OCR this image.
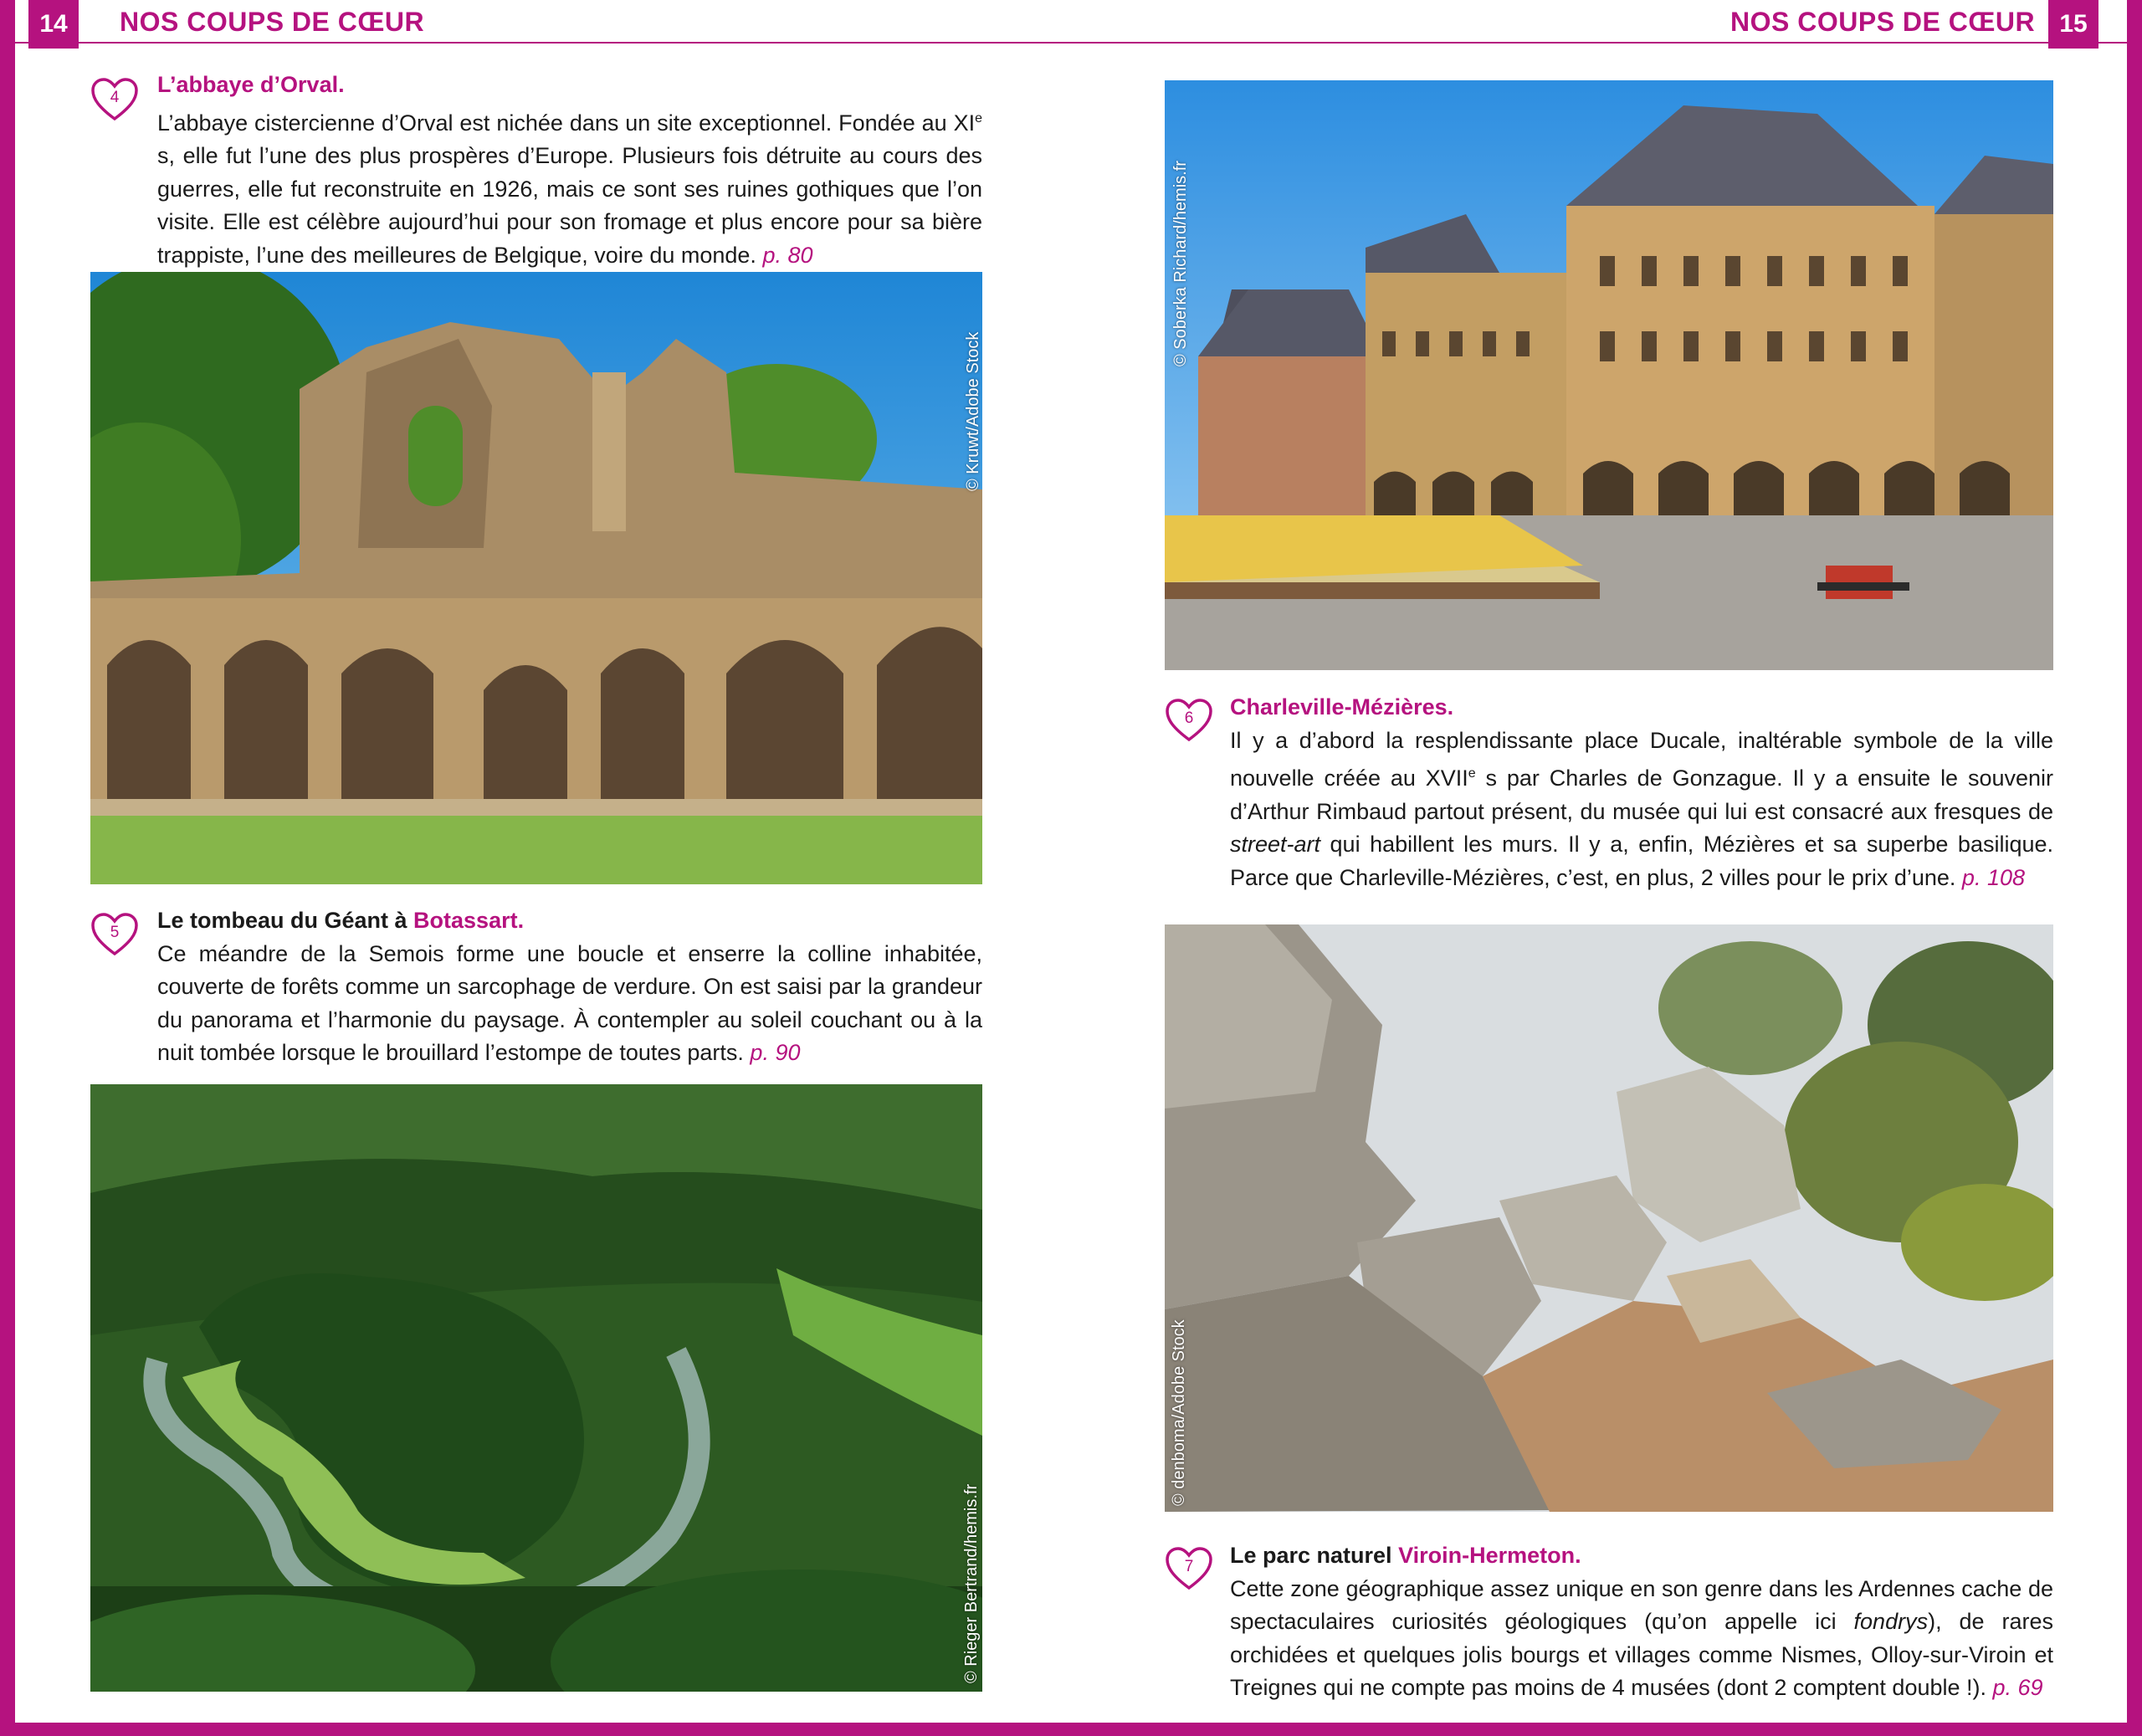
14	NOS COUPS DE CŒUR	NOS COUPS DE CŒUR 15
4
L’abbaye d’Orval.
L’abbaye cistercienne d’Orval est nichée dans un site exceptionnel. Fondée au XIe s, elle fut l’une des plus prospères d’Europe. Plusieurs fois détruite au cours des guerres, elle fut reconstruite en 1926, mais ce sont ses ruines gothiques que l’on visite. Elle est célèbre aujourd’hui pour son fromage et plus encore pour sa bière trappiste, l’une des meilleures de Belgique, voire du monde. p. 80
© Kruwt/Adobe Stock
5 Le tombeau du Géant à Botassart.
Ce méandre de la Semois forme une boucle et enserre la colline inhabitée, couverte de forêts comme un sarcophage de verdure. On est saisi par la grandeur du panorama et l’harmonie du paysage. À contempler au soleil couchant ou à la nuit tombée lorsque le brouillard l’estompe de toutes parts. p. 90
© Rieger Bertrand/hemis.fr
© Soberka Richard/hemis.fr
6 Charleville-Mézières.
Il y a d’abord la resplendissante place Ducale, inaltérable symbole de la ville nouvelle créée au XVIIe s par Charles de Gonzague. Il y a ensuite le souvenir d’Arthur Rimbaud partout présent, du musée qui lui est consacré aux fresques de street-art qui habillent les murs. Il y a, enfin, Mézières et sa superbe basilique. Parce que Charleville-Mézières, c’est, en plus, 2 villes pour le prix d’une. p. 108
© denboma/Adobe Stock
7 Le parc naturel Viroin-Hermeton.
Cette zone géographique assez unique en son genre dans les Ardennes cache de spectaculaires curiosités géologiques (qu’on appelle ici fondrys), de rares orchidées et quelques jolis bourgs et villages comme Nismes, Olloy-sur-Viroin et Treignes qui ne compte pas moins de 4 musées (dont 2 comptent double !). p. 69
